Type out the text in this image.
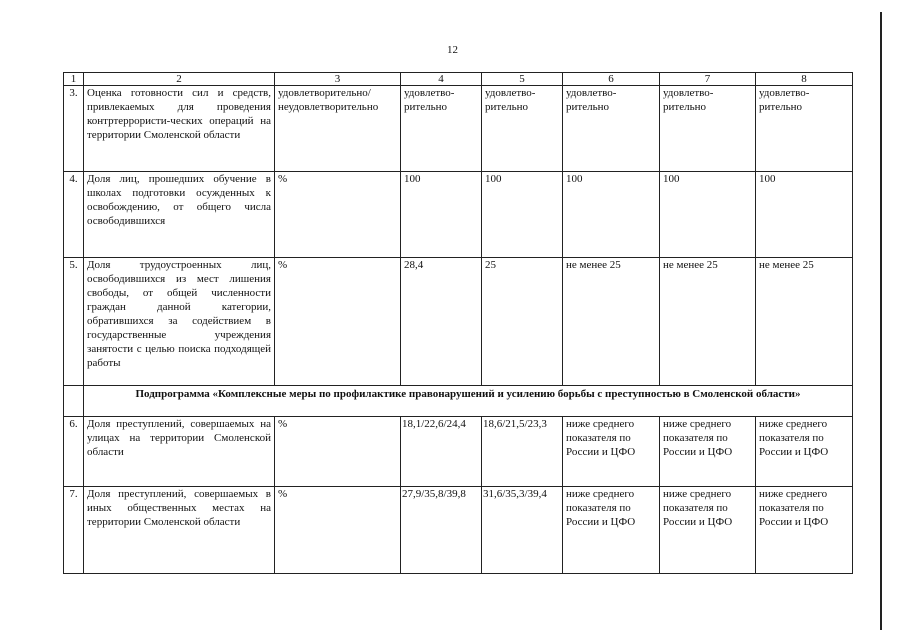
12
1	2	3	4	5	6	7	8
3.	Оценка готовности сил и средств, привлекаемых для проведения контртеррористи-ческих операций на территории Смоленской области	удовлетворительно/ неудовлетворительно	удовлетво-рительно	удовлетво-рительно	удовлетво-рительно	удовлетво-рительно	удовлетво-рительно
4.	Доля лиц, прошедших обучение в школах подготовки осужденных к освобождению, от общего числа освободившихся	%	100	100	100	100	100
5.	Доля трудоустроенных лиц, освободившихся из мест лишения свободы, от общей численности граждан данной категории, обратившихся за содействием в государственные учреждения занятости с целью поиска подходящей работы	%	28,4	25	не менее 25	не менее 25	не менее 25
	Подпрограмма «Комплексные меры по профилактике правонарушений и усилению борьбы с преступностью в Смоленской области»						
6.	Доля преступлений, совершаемых на улицах на территории Смоленской области	%	18,1/22,6/24,4	18,6/21,5/23,3	ниже среднего показателя по России и ЦФО	ниже среднего показателя по России и ЦФО	ниже среднего показателя по России и ЦФО
7.	Доля преступлений, совершаемых в иных общественных местах на территории Смоленской области	%	27,9/35,8/39,8	31,6/35,3/39,4	ниже среднего показателя по России и ЦФО	ниже среднего показателя по России и ЦФО	ниже среднего показателя по России и ЦФО
